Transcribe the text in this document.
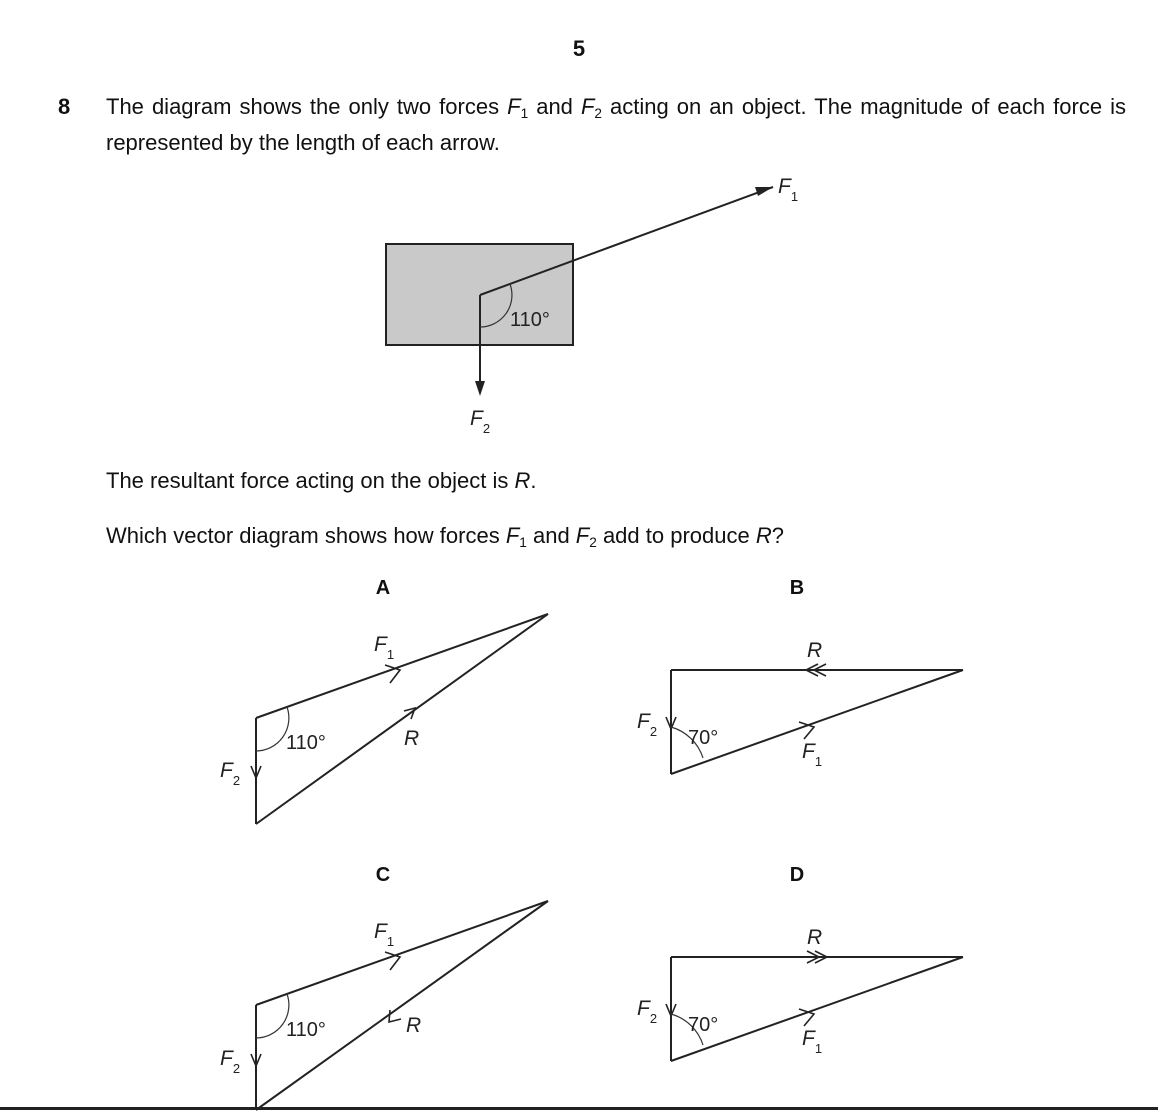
5
8 The diagram shows the only two forces $F_1$ and $F_2$ acting on an object. The magnitude of each force is represented by the length of each arrow.
110°
$F_1$
$F_2$
110°
$F_1$
$F_2$
R	70°
$F_2$
$F_1$
R
110°
$F_1$
$F_2$
R	70°
$F_2$
$F_1$
R
The resultant force acting on the object is R.
Which vector diagram shows how forces $F_1$ and $F_2$ add to produce R?
A	B
C	D
